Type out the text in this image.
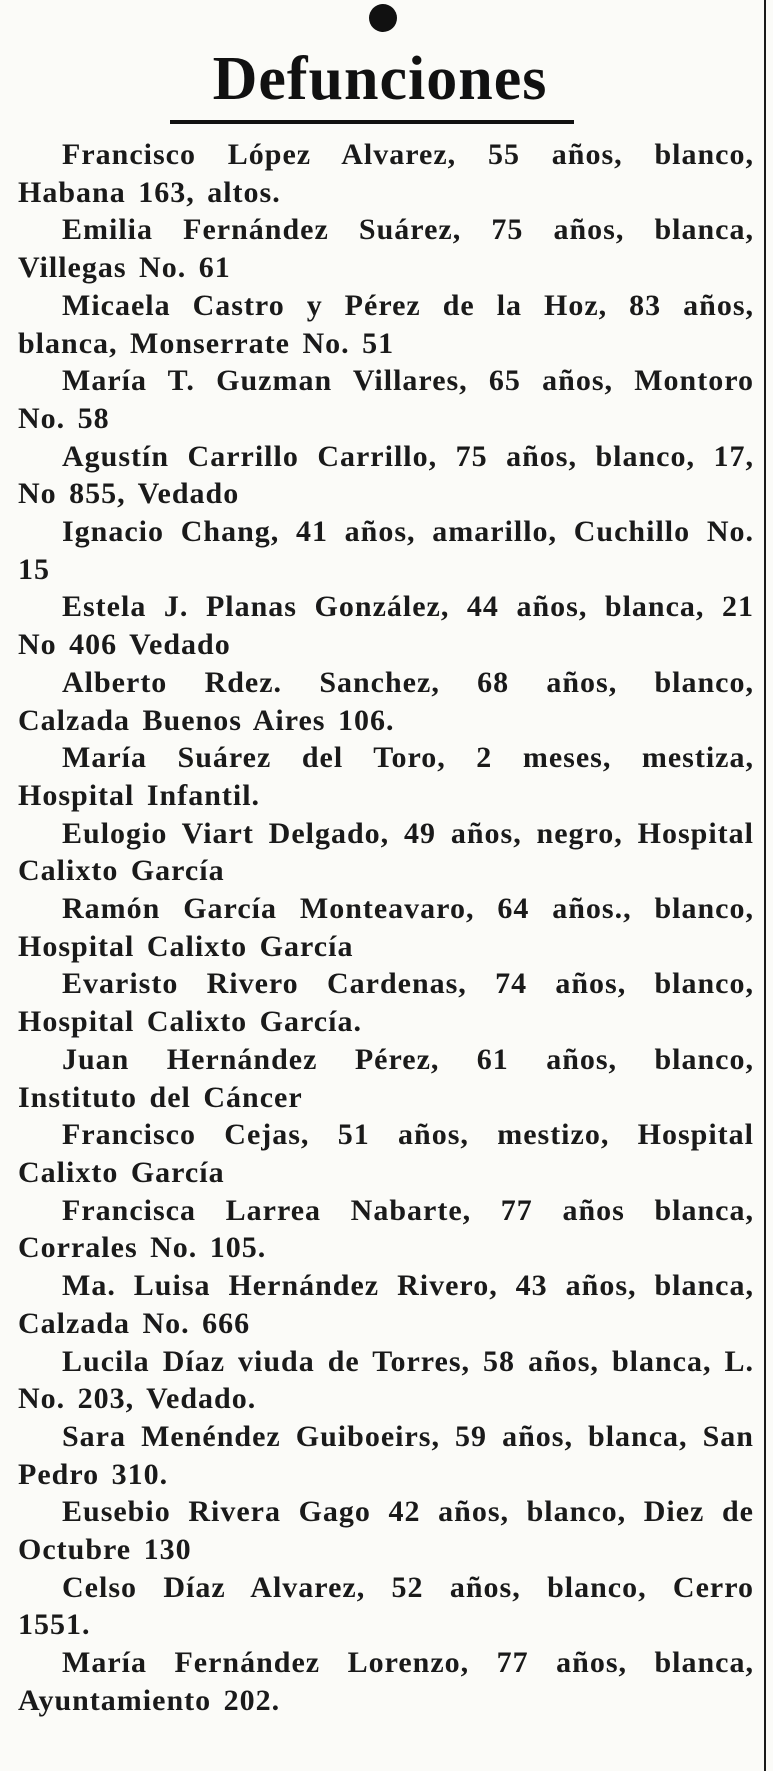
Defunciones

Francisco López Alvarez, 55 años, blanco, Habana 163, altos.

Emilia Fernández Suárez, 75 años, blanca, Villegas No. 61

Micaela Castro y Pérez de la Hoz, 83 años, blanca, Monserrate No. 51

María T. Guzman Villares, 65 años, Montoro No. 58

Agustín Carrillo Carrillo, 75 años, blanco, 17, No 855, Vedado

Ignacio Chang, 41 años, amarillo, Cuchillo No. 15

Estela J. Planas González, 44 años, blanca, 21 No 406 Vedado

Alberto Rdez. Sanchez, 68 años, blanco, Calzada Buenos Aires 106.

María Suárez del Toro, 2 meses, mestiza, Hospital Infantil.

Eulogio Viart Delgado, 49 años, negro, Hospital Calixto García

Ramón García Monteavaro, 64 años., blanco, Hospital Calixto García

Evaristo Rivero Cardenas, 74 años, blanco, Hospital Calixto García.

Juan Hernández Pérez, 61 años, blanco, Instituto del Cáncer

Francisco Cejas, 51 años, mestizo, Hospital Calixto García

Francisca Larrea Nabarte, 77 años blanca, Corrales No. 105.

Ma. Luisa Hernández Rivero, 43 años, blanca, Calzada No. 666

Lucila Díaz viuda de Torres, 58 años, blanca, L. No. 203, Vedado.

Sara Menéndez Guiboeirs, 59 años, blanca, San Pedro 310.

Eusebio Rivera Gago 42 años, blanco, Diez de Octubre 130

Celso Díaz Alvarez, 52 años, blanco, Cerro 1551.

María Fernández Lorenzo, 77 años, blanca, Ayuntamiento 202.
